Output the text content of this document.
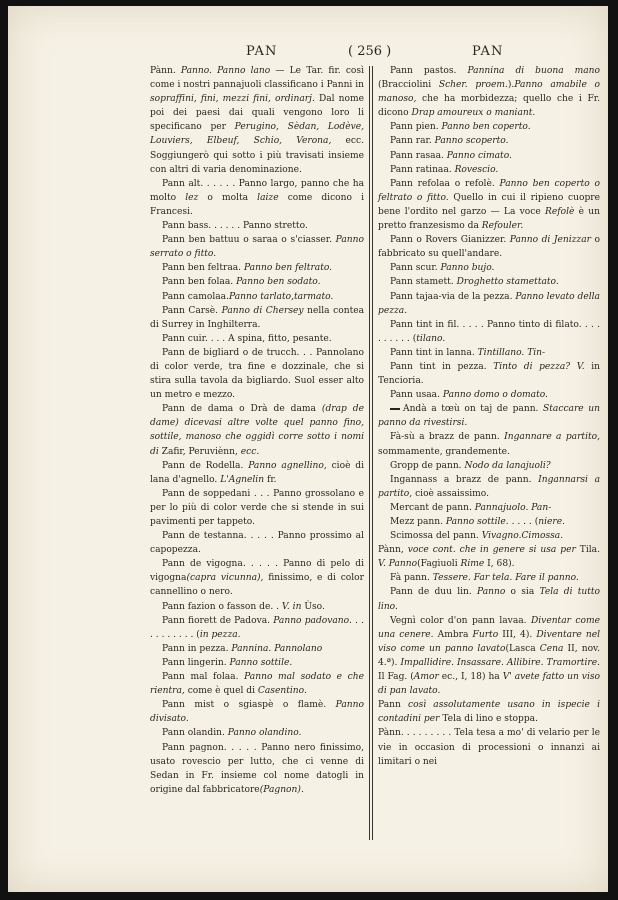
PAN	( 256 )	PAN

Pànn. Panno. Panno lano — Le Tar. fir. così come i nostri pannajuoli classificano i Panni in sopraffini, fini, mezzi fini, ordinarj. Dal nome poi dei paesi dai quali vengono loro li specificano per Perugino, Sèdan, Lodève, Louviers, Elbeuf, Schio, Verona, ecc. Soggiungerò qui sotto i più travisati insieme con altri di varia denominazione.

Pann alt. . . . . . Panno largo, panno che ha molto lez o molta laize come dicono i Francesi.

Pann bass. . . . . . Panno stretto.

Pann ben battuu o saraa o s'ciasser. Panno serrato o fitto.

Pann ben feltraa. Panno ben feltrato.

Pann ben folaa. Panno ben sodato.

Pann camolaa.Panno tarlato,tarmato.

Pann Carsè. Panno di Chersey nella contea di Surrey in Inghilterra.

Pann cuir. . . . A spina, fitto, pesante.

Pann de bigliard o de trucch. . . Pannolano di color verde, tra fine e dozzinale, che si stira sulla tavola da bigliardo. Suol esser alto un metro e mezzo.

Pann de dama o Drà de dama (drap de dame) dicevasi altre volte quel panno fino, sottile, manoso che oggidì corre sotto i nomi di Zafir, Peruviènn, ecc.

Pann de Rodella. Panno agnellino, cioè di lana d'agnello. L'Agnelin fr.

Pann de soppedani . . . Panno grossolano e per lo più di color verde che si stende in sui pavimenti per tappeto.

Pann de testanna. . . . . Panno prossimo al capopezza.

Pann de vigogna. . . . . Panno di pelo di vigogna(capra vicunna), finissimo, e di color cannellino o nero.

Pann fazion o fasson de. . V. in Ùso.

Pann fiorett de Padova. Panno padovano. . . . . . . . . . . (in pezza.

Pann in pezza. Pannina. Pannolano

Pann lingerin. Panno sottile.

Pann mal folaa. Panno mal sodato e che rientra, come è quel di Casentino.

Pann mist o sgiaspè o flamè. Panno divisato.

Pann olandin. Panno olandino.

Pann pagnon. . . . . Panno nero finissimo, usato rovescio per lutto, che ci venne di Sedan in Fr. insieme col nome datogli in origine dal fabbricatore(Pagnon).

Pann pastos. Pannina di buona mano (Bracciolini Scher. proem.).Panno amabile o manoso, che ha morbidezza; quello che i Fr. dicono Drap amoureux o maniant.

Pann pien. Panno ben coperto.

Pann rar. Panno scoperto.

Pann rasaa. Panno cimato.

Pann ratinaa. Rovescio.

Pann refolaa o refolè. Panno ben coperto o feltrato o fitto. Quello in cui il ripieno cuopre bene l'ordito nel garzo — La voce Refolè è un pretto franzesismo da Refouler.

Pann o Rovers Gianizzer. Panno di Jenizzar o fabbricato su quell'andare.

Pann scur. Panno bujo.

Pann stamett. Droghetto stamettato.

Pann tajaa-via de la pezza. Panno levato della pezza.

Pann tint in fil. . . . . Panno tinto di filato. . . . . . . . . . (tilano.

Pann tint in lanna. Tintillano. Tin-

Pann tint in pezza. Tinto di pezza? V. in Tencioria.

Pann usaa. Panno domo o domato.

Andà a tœù on taj de pann. Staccare un panno da rivestirsi.

Fà-sù a brazz de pann. Ingannare a partito, sommamente, grandemente.

Gropp de pann. Nodo da lanajuoli?

Ingannass a brazz de pann. Ingannarsi a partito, cioè assaissimo.

Mercant de pann. Pannajuolo. Pan-

Mezz pann. Panno sottile. . . . . (niere.

Scimossa del pann. Vivagno.Cimossa.

Pànn, voce cont. che in genere si usa per Tila. V. Panno(Fagiuoli Rime I, 68).

Fà pann. Tessere. Far tela. Fare il panno.

Pann de duu lin. Panno o sia Tela di tutto lino.

Vegnì color d'on pann lavaa. Diventar come una cenere. Ambra Furto III, 4). Diventare nel viso come un panno lavato(Lasca Cena II, nov. 4.ª). Impallidire. Insassare. Allibire. Tramortire. Il Fag. (Amor ec., I, 18) ha V' avete fatto un viso di pan lavato.

Pann così assolutamente usano in ispecie i contadini per Tela di lino e stoppa.

Pànn. . . . . . . . . Tela tesa a mo' di velario per le vie in occasion di processioni o innanzi ai limitari o nei
